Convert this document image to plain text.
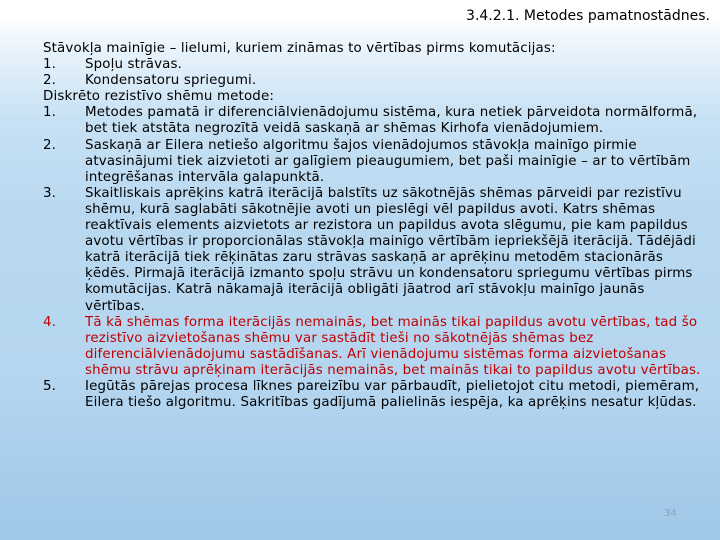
3.4.2.1. Metodes pamatnostādnes.
Stāvokļa mainīgie – lielumi, kuriem zināmas to vērtības pirms komutācijas:
1.	Spoļu strāvas.
2.	Kondensatoru spriegumi.
Diskrēto rezistīvo shēmu metode:
1.	Metodes pamatā ir diferenciālvienādojumu sistēma, kura netiek pārveidota normālformā, bet tiek atstāta negrozītā veidā saskaņā ar shēmas Kirhofa vienādojumiem.
2.	Saskaņā ar Eilera netiešo algoritmu šajos vienādojumos stāvokļa mainīgo pirmie atvasinājumi tiek aizvietoti ar galīgiem pieaugumiem, bet paši mainīgie – ar to vērtībām integrēšanas intervāla galapunktā.
3.	Skaitliskais aprēķins katrā iterācijā balstīts uz sākotnējās shēmas pārveidi par rezistīvu shēmu, kurā saglabāti sākotnējie avoti un pieslēgi vēl papildus avoti. Katrs shēmas reaktīvais elements aizvietots ar rezistora un papildus avota slēgumu, pie kam papildus avotu vērtības ir proporcionālas stāvokļa mainīgo vērtībām iepriekšējā iterācijā. Tādējādi katrā iterācijā tiek rēķinātas zaru strāvas saskaņā ar aprēķinu metodēm stacionārās ķēdēs. Pirmajā iterācijā izmanto spoļu strāvu un kondensatoru spriegumu vērtības pirms komutācijas. Katrā nākamajā iterācijā obligāti jāatrod arī stāvokļu mainīgo jaunās vērtības.
4.	Tā kā shēmas forma iterācijās nemainās, bet mainās tikai papildus avotu vērtības, tad šo rezistīvo aizvietošanas shēmu var sastādīt tieši no sākotnējās shēmas bez diferenciālvienādojumu sastādīšanas. Arī vienādojumu sistēmas forma aizvietošanas shēmu strāvu aprēķinam iterācijās nemainās, bet mainās tikai to papildus avotu vērtības.
5.	Iegūtās pārejas procesa līknes pareizību var pārbaudīt, pielietojot citu metodi, piemēram, Eilera tiešo algoritmu. Sakritības gadījumā palielinās iespēja, ka aprēķins nesatur kļūdas.
34
